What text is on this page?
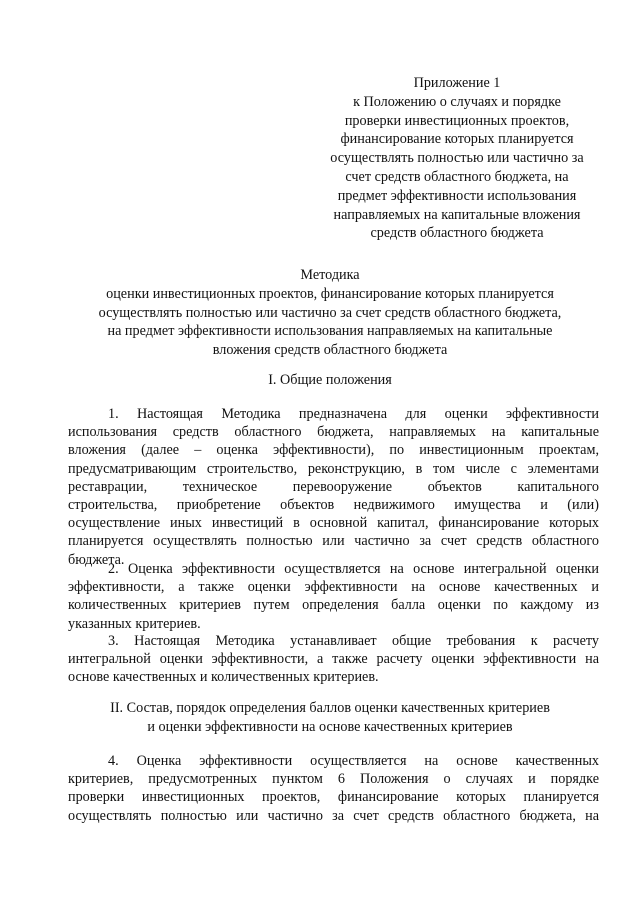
Приложение 1
к Положению о случаях и порядке
проверки инвестиционных проектов,
финансирование которых планируется
осуществлять полностью или частично за
счет средств областного бюджета, на
предмет эффективности использования
направляемых на капитальные вложения
средств областного бюджета
Методика
оценки инвестиционных проектов, финансирование которых планируется
осуществлять полностью или частично за счет средств областного бюджета,
на предмет эффективности использования направляемых на капитальные
вложения средств областного бюджета
I. Общие положения
1. Настоящая Методика предназначена для оценки эффективности
использования средств областного бюджета, направляемых на капитальные
вложения (далее – оценка эффективности), по инвестиционным проектам,
предусматривающим строительство, реконструкцию, в том числе с элементами
реставрации, техническое перевооружение объектов капитального
строительства, приобретение объектов недвижимого имущества и (или)
осуществление иных инвестиций в основной капитал, финансирование которых
планируется осуществлять полностью или частично за счет средств областного
бюджета.
2. Оценка эффективности осуществляется на основе интегральной оценки
эффективности, а также оценки эффективности на основе качественных и
количественных критериев путем определения балла оценки по каждому из
указанных критериев.
3. Настоящая Методика устанавливает общие требования к расчету
интегральной оценки эффективности, а также расчету оценки эффективности на
основе качественных и количественных критериев.
II. Состав, порядок определения баллов оценки качественных критериев
и оценки эффективности на основе качественных критериев
4. Оценка эффективности осуществляется на основе качественных
критериев, предусмотренных пунктом 6 Положения о случаях и порядке
проверки инвестиционных проектов, финансирование которых планируется
осуществлять полностью или частично за счет средств областного бюджета, на
